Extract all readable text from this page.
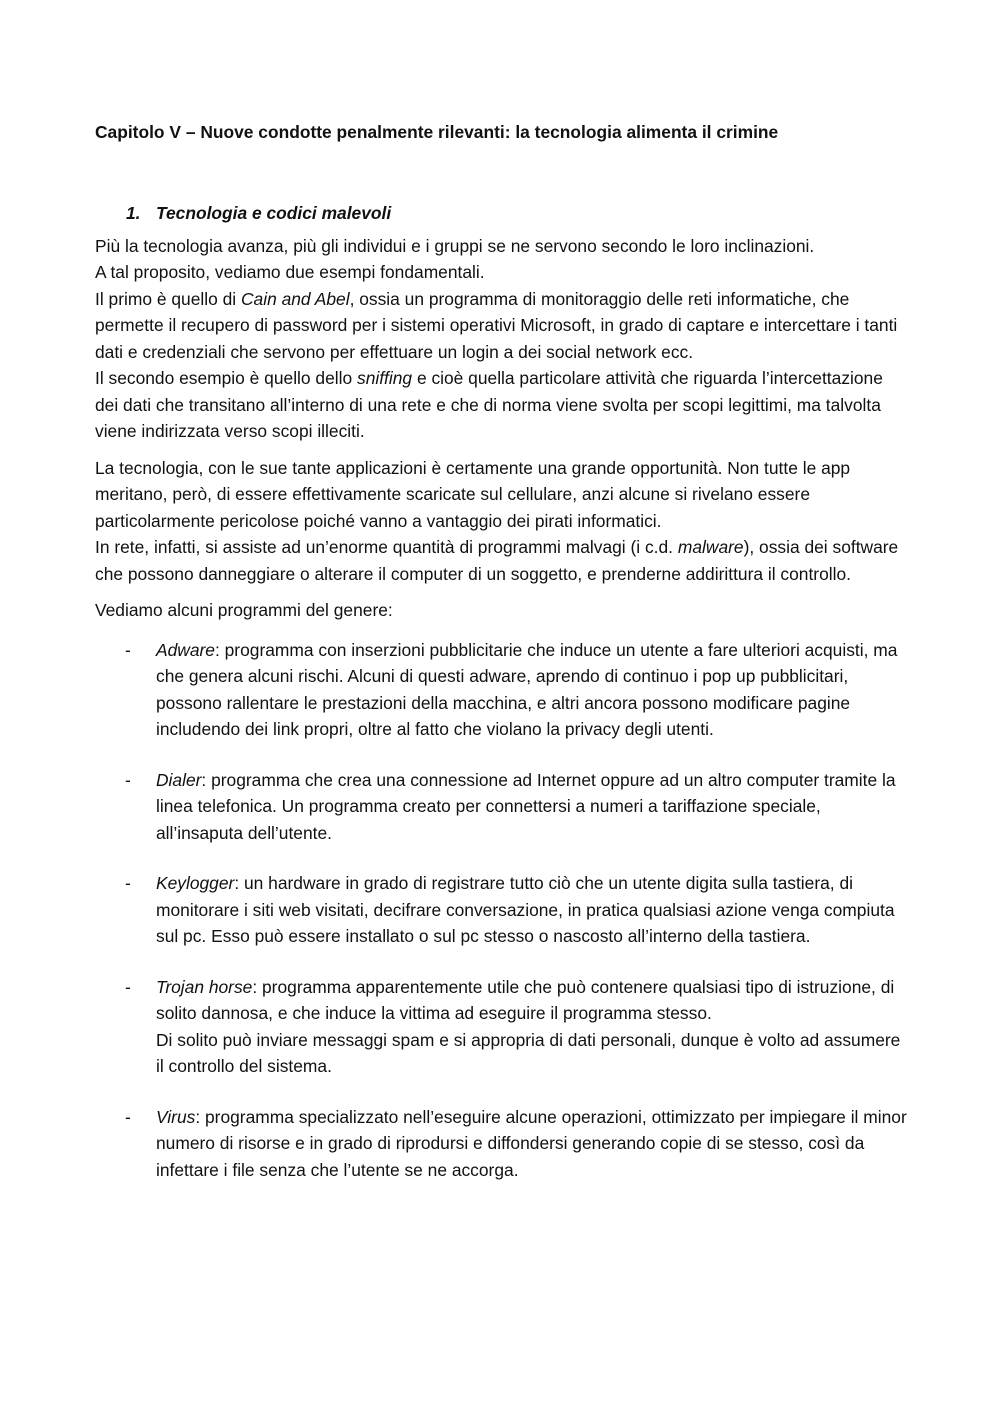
Capitolo V – Nuove condotte penalmente rilevanti: la tecnologia alimenta il crimine

1. Tecnologia e codici malevoli

Più la tecnologia avanza, più gli individui e i gruppi se ne servono secondo le loro inclinazioni.

A tal proposito, vediamo due esempi fondamentali.

Il primo è quello di Cain and Abel, ossia un programma di monitoraggio delle reti informatiche, che permette il recupero di password per i sistemi operativi Microsoft, in grado di captare e intercettare i tanti dati e credenziali che servono per effettuare un login a dei social network ecc.

Il secondo esempio è quello dello sniffing e cioè quella particolare attività che riguarda l’intercettazione dei dati che transitano all’interno di una rete e che di norma viene svolta per scopi legittimi, ma talvolta viene indirizzata verso scopi illeciti.

La tecnologia, con le sue tante applicazioni è certamente una grande opportunità. Non tutte le app meritano, però, di essere effettivamente scaricate sul cellulare, anzi alcune si rivelano essere particolarmente pericolose poiché vanno a vantaggio dei pirati informatici.

In rete, infatti, si assiste ad un’enorme quantità di programmi malvagi (i c.d. malware), ossia dei software che possono danneggiare o alterare il computer di un soggetto, e prenderne addirittura il controllo.

Vediamo alcuni programmi del genere:

-	Adware: programma con inserzioni pubblicitarie che induce un utente a fare ulteriori acquisti, ma che genera alcuni rischi. Alcuni di questi adware, aprendo di continuo i pop up pubblicitari, possono rallentare le prestazioni della macchina, e altri ancora possono modificare pagine includendo dei link propri, oltre al fatto che violano la privacy degli utenti.
-	Dialer: programma che crea una connessione ad Internet oppure ad un altro computer tramite la linea telefonica. Un programma creato per connettersi a numeri a tariffazione speciale, all’insaputa dell’utente.
-	Keylogger: un hardware in grado di registrare tutto ciò che un utente digita sulla tastiera, di monitorare i siti web visitati, decifrare conversazione, in pratica qualsiasi azione venga compiuta sul pc. Esso può essere installato o sul pc stesso o nascosto all’interno della tastiera.
-	Trojan horse: programma apparentemente utile che può contenere qualsiasi tipo di istruzione, di solito dannosa, e che induce la vittima ad eseguire il programma stesso.
Di solito può inviare messaggi spam e si appropria di dati personali, dunque è volto ad assumere il controllo del sistema.
-	Virus: programma specializzato nell’eseguire alcune operazioni, ottimizzato per impiegare il minor numero di risorse e in grado di riprodursi e diffondersi generando copie di se stesso, così da infettare i file senza che l’utente se ne accorga.
